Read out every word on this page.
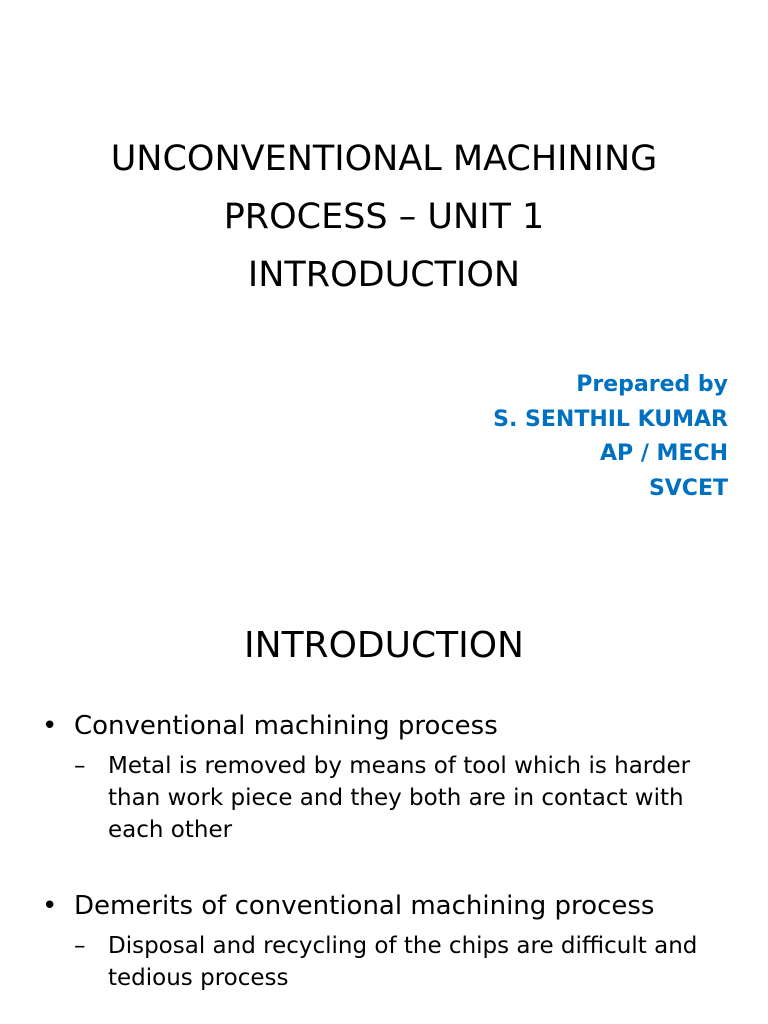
UNCONVENTIONAL MACHINING
PROCESS – UNIT 1
INTRODUCTION
Prepared by
S. SENTHIL KUMAR
AP / MECH
SVCET
INTRODUCTION
• Conventional machining process
– Metal is removed by means of tool which is harder than work piece and they both are in contact with each other
• Demerits of conventional machining process
– Disposal and recycling of the chips are difficult and tedious process
